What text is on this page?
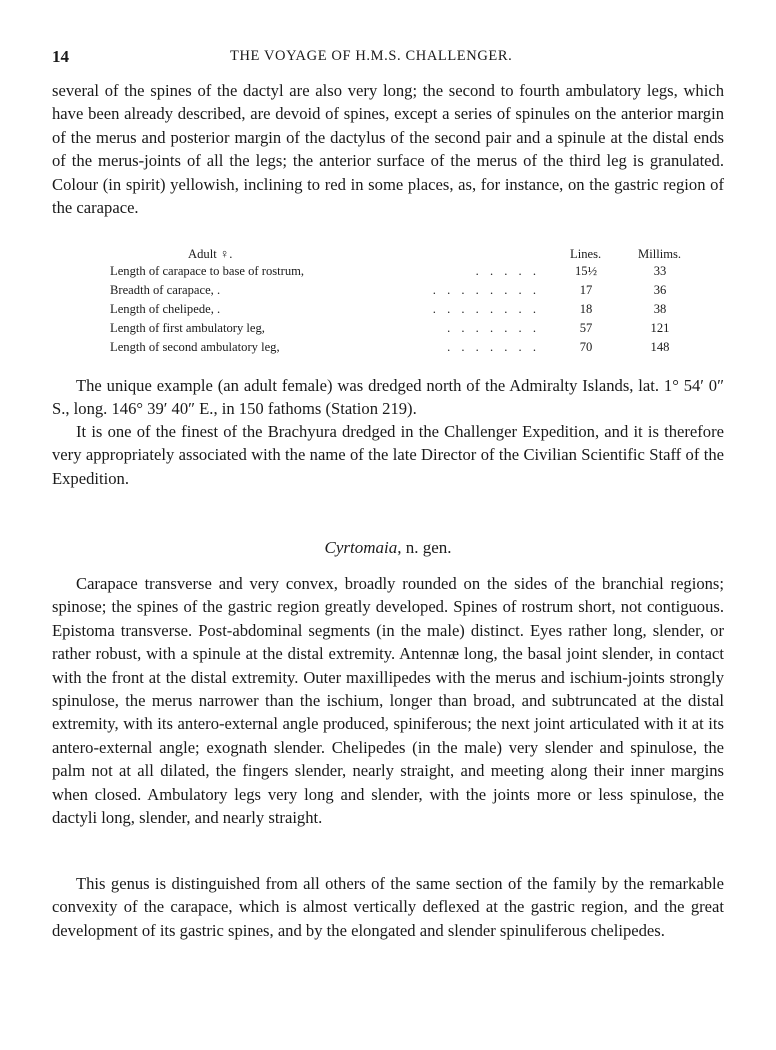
14	THE VOYAGE OF H.M.S. CHALLENGER.

several of the spines of the dactyl are also very long; the second to fourth ambulatory legs, which have been already described, are devoid of spines, except a series of spinules on the anterior margin of the merus and posterior margin of the dactylus of the second pair and a spinule at the distal ends of the merus-joints of all the legs; the anterior surface of the merus of the third leg is granulated. Colour (in spirit) yellowish, inclining to red in some places, as, for instance, on the gastric region of the carapace.

Adult ♀.	Lines.	Millims.
Length of carapace to base of rostrum,	. . . . .	15½	33
Breadth of carapace, .	. . . . . . . .	17	36
Length of chelipede, .	. . . . . . . .	18	38
Length of first ambulatory leg,	. . . . . . .	57	121
Length of second ambulatory leg,	. . . . . . .	70	148

The unique example (an adult female) was dredged north of the Admiralty Islands, lat. 1° 54′ 0″ S., long. 146° 39′ 40″ E., in 150 fathoms (Station 219).

It is one of the finest of the Brachyura dredged in the Challenger Expedition, and it is therefore very appropriately associated with the name of the late Director of the Civilian Scientific Staff of the Expedition.

Cyrtomaia, n. gen.

Carapace transverse and very convex, broadly rounded on the sides of the branchial regions; spinose; the spines of the gastric region greatly developed. Spines of rostrum short, not contiguous. Epistoma transverse. Post-abdominal segments (in the male) distinct. Eyes rather long, slender, or rather robust, with a spinule at the distal extremity. Antennæ long, the basal joint slender, in contact with the front at the distal extremity. Outer maxillipedes with the merus and ischium-joints strongly spinulose, the merus narrower than the ischium, longer than broad, and subtruncated at the distal extremity, with its antero-external angle produced, spiniferous; the next joint articulated with it at its antero-external angle; exognath slender. Chelipedes (in the male) very slender and spinulose, the palm not at all dilated, the fingers slender, nearly straight, and meeting along their inner margins when closed. Ambulatory legs very long and slender, with the joints more or less spinulose, the dactyli long, slender, and nearly straight.

This genus is distinguished from all others of the same section of the family by the remarkable convexity of the carapace, which is almost vertically deflexed at the gastric region, and the great development of its gastric spines, and by the elongated and slender spinuliferous chelipedes.
